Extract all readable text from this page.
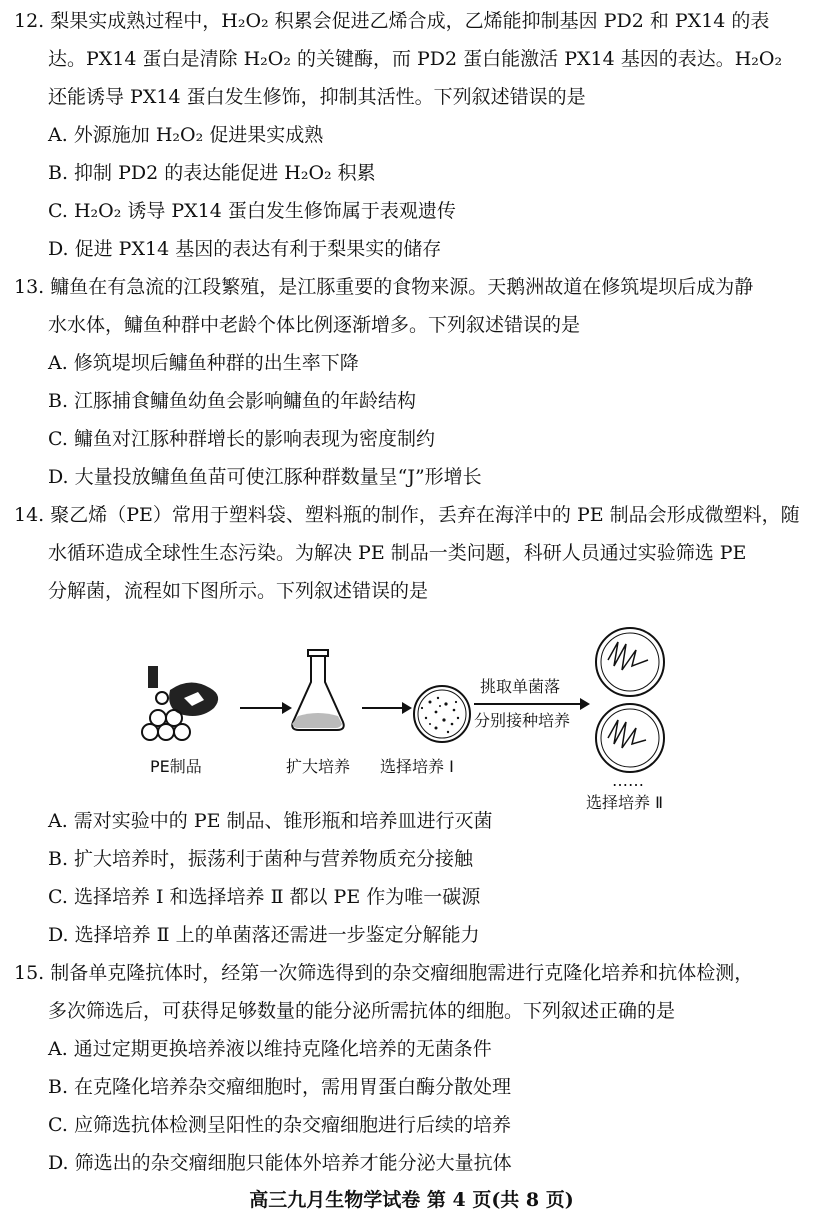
12. 梨果实成熟过程中，H₂O₂ 积累会促进乙烯合成，乙烯能抑制基因 PD2 和 PX14 的表
达。PX14 蛋白是清除 H₂O₂ 的关键酶，而 PD2 蛋白能激活 PX14 基因的表达。H₂O₂
还能诱导 PX14 蛋白发生修饰，抑制其活性。下列叙述错误的是
A. 外源施加 H₂O₂ 促进果实成熟
B. 抑制 PD2 的表达能促进 H₂O₂ 积累
C. H₂O₂ 诱导 PX14 蛋白发生修饰属于表观遗传
D. 促进 PX14 基因的表达有利于梨果实的储存
13. 鳙鱼在有急流的江段繁殖，是江豚重要的食物来源。天鹅洲故道在修筑堤坝后成为静
水水体，鳙鱼种群中老龄个体比例逐渐增多。下列叙述错误的是
A. 修筑堤坝后鳙鱼种群的出生率下降
B. 江豚捕食鳙鱼幼鱼会影响鳙鱼的年龄结构
C. 鳙鱼对江豚种群增长的影响表现为密度制约
D. 大量投放鳙鱼鱼苗可使江豚种群数量呈“J”形增长
14. 聚乙烯（PE）常用于塑料袋、塑料瓶的制作，丢弃在海洋中的 PE 制品会形成微塑料，随
水循环造成全球性生态污染。为解决 PE 制品一类问题，科研人员通过实验筛选 PE
分解菌，流程如下图所示。下列叙述错误的是
PE制品	扩大培养 选择培养 Ⅰ
挑取单菌落
分别接种培养
……
选择培养 Ⅱ
A. 需对实验中的 PE 制品、锥形瓶和培养皿进行灭菌
B. 扩大培养时，振荡利于菌种与营养物质充分接触
C. 选择培养 Ⅰ 和选择培养 Ⅱ 都以 PE 作为唯一碳源
D. 选择培养 Ⅱ 上的单菌落还需进一步鉴定分解能力
15. 制备单克隆抗体时，经第一次筛选得到的杂交瘤细胞需进行克隆化培养和抗体检测，
多次筛选后，可获得足够数量的能分泌所需抗体的细胞。下列叙述正确的是
A. 通过定期更换培养液以维持克隆化培养的无菌条件
B. 在克隆化培养杂交瘤细胞时，需用胃蛋白酶分散处理
C. 应筛选抗体检测呈阳性的杂交瘤细胞进行后续的培养
D. 筛选出的杂交瘤细胞只能体外培养才能分泌大量抗体
高三九月生物学试卷 第 4 页(共 8 页)
